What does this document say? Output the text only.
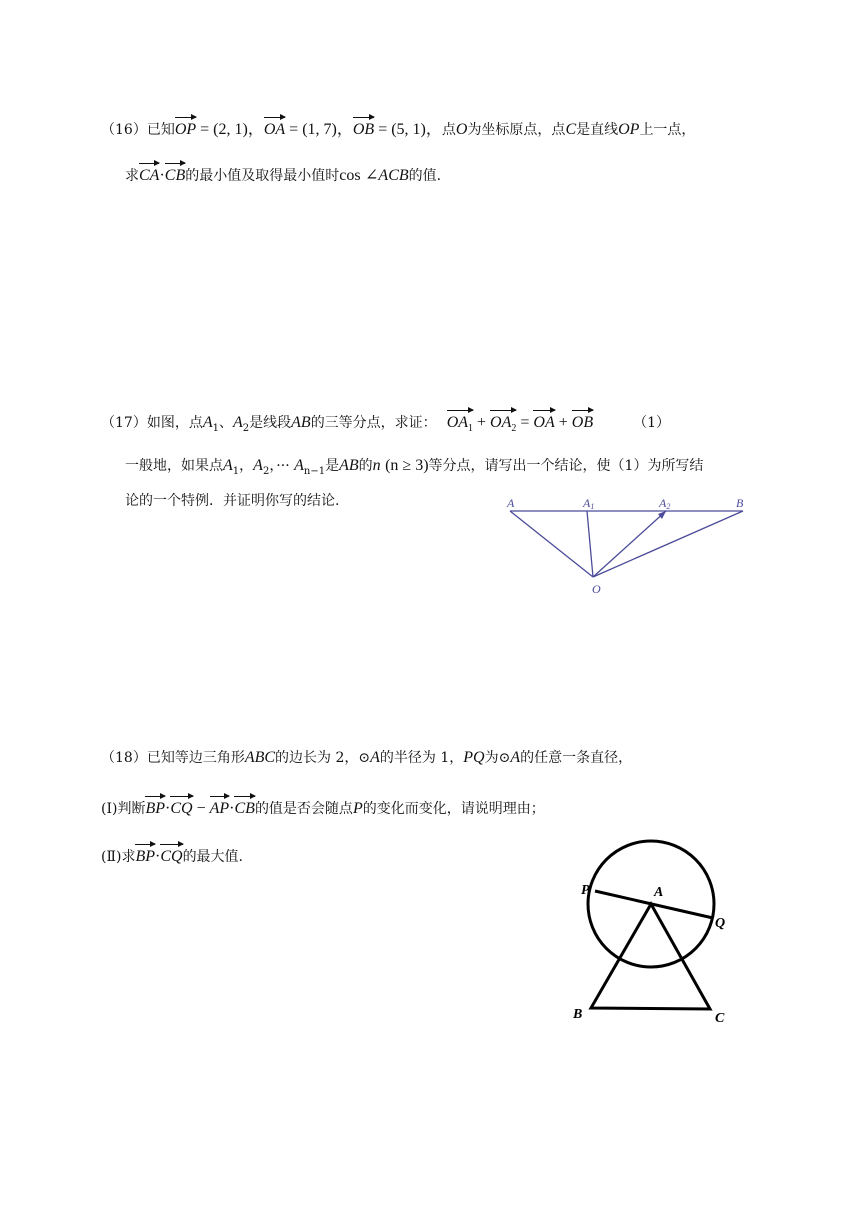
（16）已知OP = (2, 1)，OA = (1, 7)，OB = (5, 1)，点O为坐标原点，点C是直线OP上一点，
求CA·CB的最小值及取得最小值时cos ∠ACB的值.
（17）如图，点$A_1$、$A_2$是线段AB的三等分点，求证： $OA_1 + OA_2$ = OA + OB	（1）
一般地，如果点$A_1$，$A_2$，··· $A_{n-1}$是AB的n (n ≥ 3)等分点，请写出一个结论，使（1）为所写结
论的一个特例．并证明你写的结论.	A	A1	A2	B
O
（18）已知等边三角形ABC的边长为 2，⊙A的半径为 1，PQ为⊙A的任意一条直径，
(Ⅰ)判断BP·CQ − AP·CB的值是否会随点P的变化而变化，请说明理由；
(Ⅱ)求BP·CQ的最大值.
P	A
Q
B	C
